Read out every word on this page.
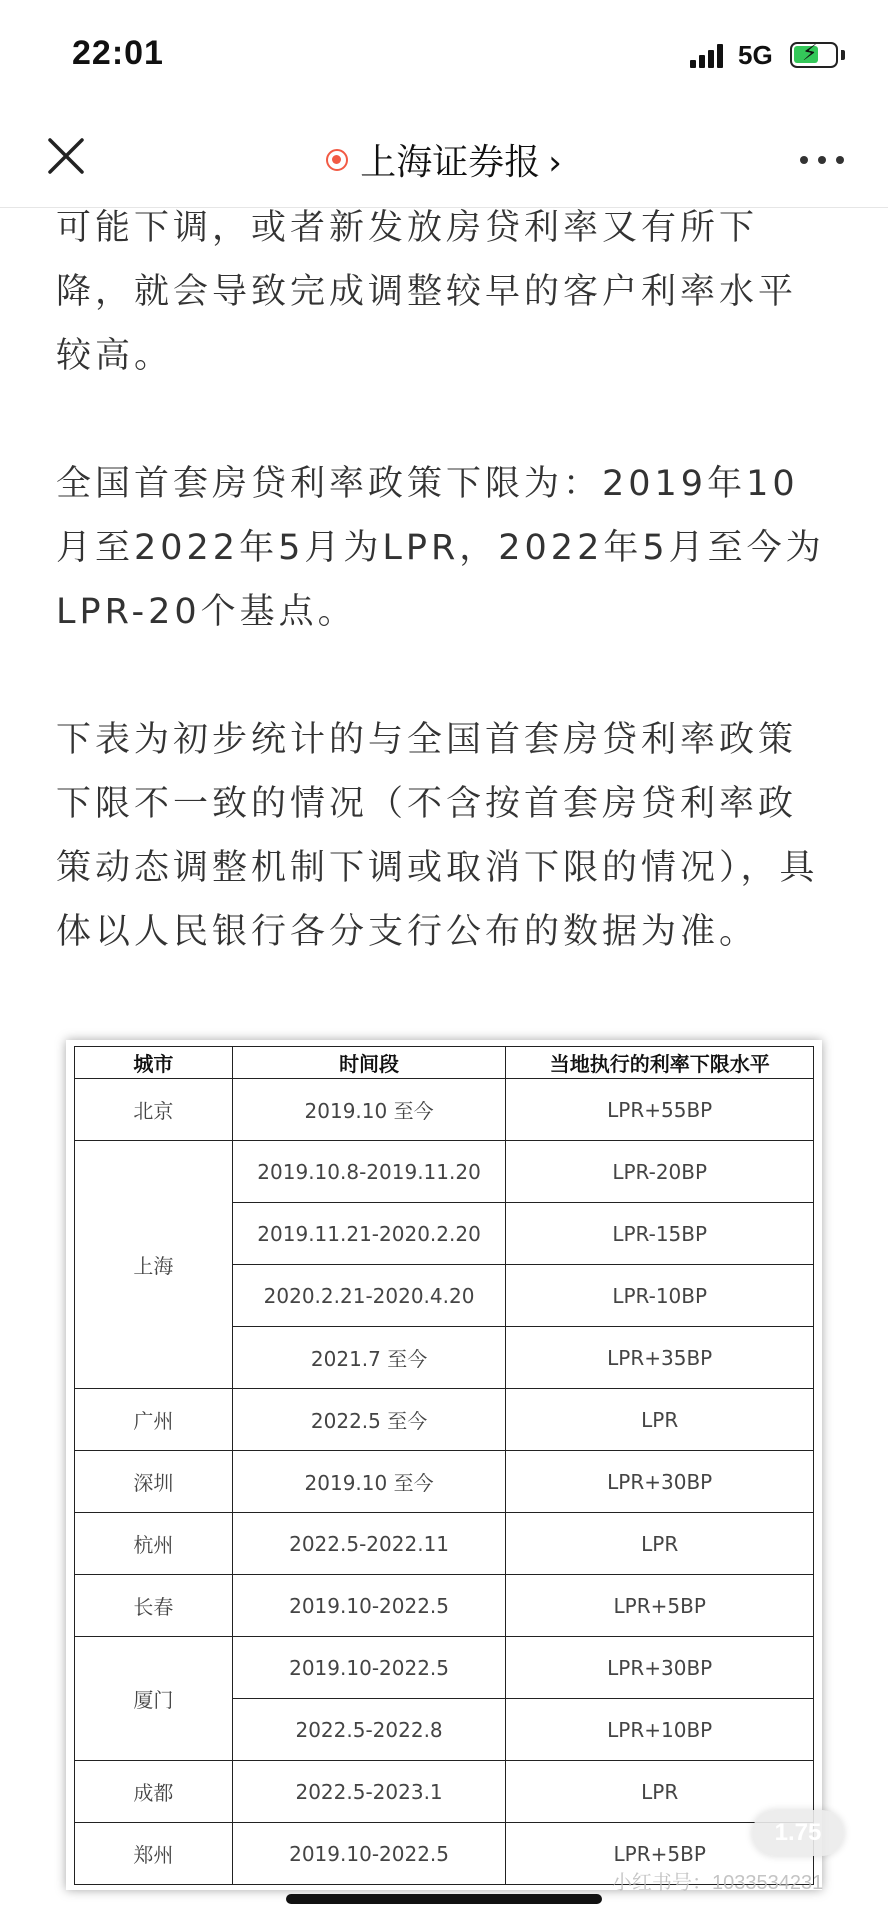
22:01	5G ⚡
上海证券报 ›

可能下调，或者新发放房贷利率又有所下降，就会导致完成调整较早的客户利率水平较高。

全国首套房贷利率政策下限为：2019年10月至2022年5月为LPR，2022年5月至今为LPR-20个基点。

下表为初步统计的与全国首套房贷利率政策下限不一致的情况（不含按首套房贷利率政策动态调整机制下调或取消下限的情况），具体以人民银行各分支行公布的数据为准。

城市	时间段	当地执行的利率下限水平
北京	2019.10 至今	LPR+55BP
上海	2019.10.8-2019.11.20	LPR-20BP
	2019.11.21-2020.2.20	LPR-15BP
	2020.2.21-2020.4.20	LPR-10BP
	2021.7 至今	LPR+35BP
广州	2022.5 至今	LPR
深圳	2019.10 至今	LPR+30BP
杭州	2022.5-2022.11	LPR
长春	2019.10-2022.5	LPR+5BP
厦门	2019.10-2022.5	LPR+30BP
	2022.5-2022.8	LPR+10BP
成都	2022.5-2023.1	LPR
郑州	2019.10-2022.5	LPR+5BP
1.75
小红书号：1033534231
